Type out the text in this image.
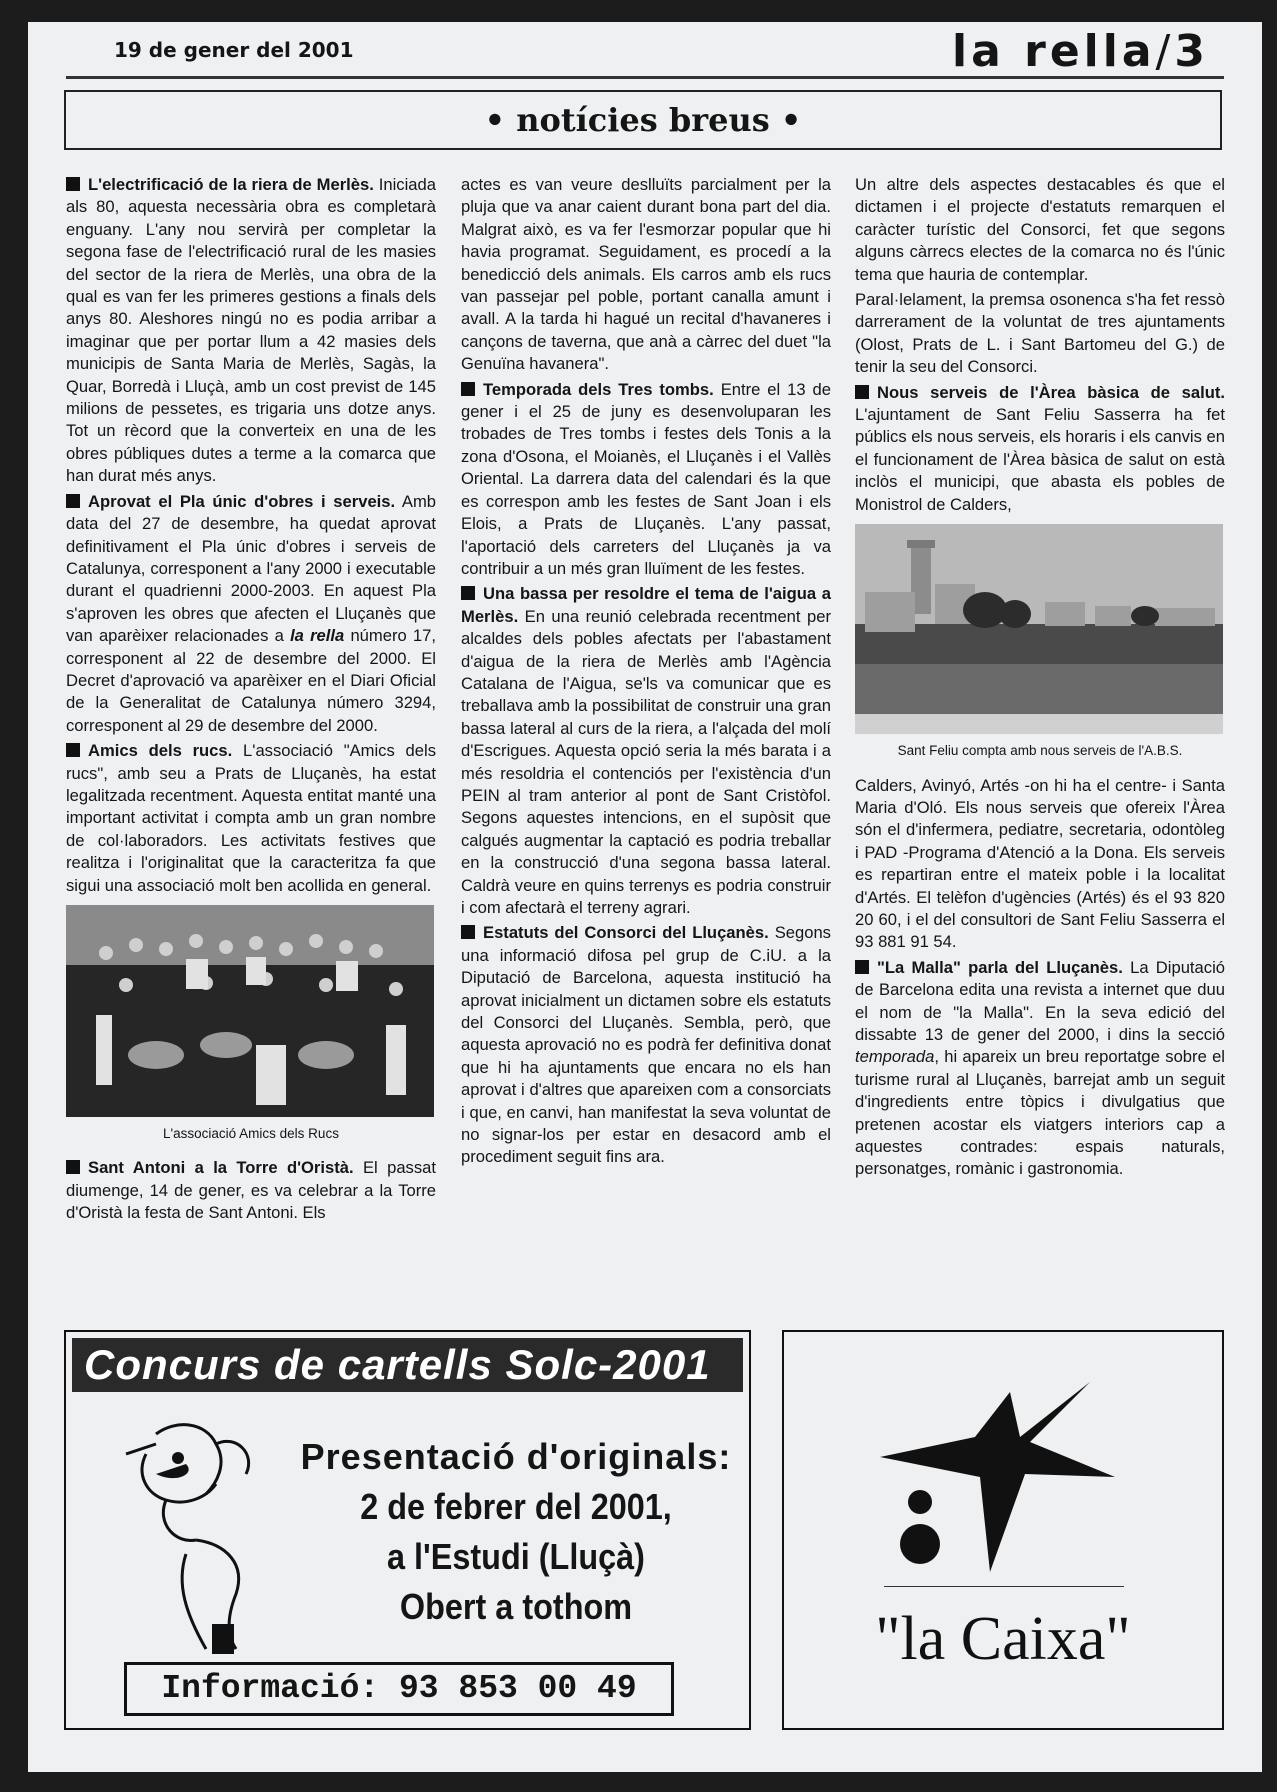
19 de gener del 2001	la rella/3
• notícies breus •

L'electrificació de la riera de Merlès. Iniciada als 80, aquesta necessària obra es completarà enguany. L'any nou servirà per completar la segona fase de l'electrificació rural de les masies del sector de la riera de Merlès, una obra de la qual es van fer les primeres gestions a finals dels anys 80. Aleshores ningú no es podia arribar a imaginar que per portar llum a 42 masies dels municipis de Santa Maria de Merlès, Sagàs, la Quar, Borredà i Lluçà, amb un cost previst de 145 milions de pessetes, es trigaria uns dotze anys. Tot un rècord que la converteix en una de les obres públiques dutes a terme a la comarca que han durat més anys.

Aprovat el Pla únic d'obres i serveis. Amb data del 27 de desembre, ha quedat aprovat definitivament el Pla únic d'obres i serveis de Catalunya, corresponent a l'any 2000 i executable durant el quadrienni 2000-2003. En aquest Pla s'aproven les obres que afecten el Lluçanès que van aparèixer relacionades a la rella número 17, corresponent al 22 de desembre del 2000. El Decret d'aprovació va aparèixer en el Diari Oficial de la Generalitat de Catalunya número 3294, corresponent al 29 de desembre del 2000.

Amics dels rucs. L'associació "Amics dels rucs", amb seu a Prats de Lluçanès, ha estat legalitzada recentment. Aquesta entitat manté una important activitat i compta amb un gran nombre de col·laboradors. Les activitats festives que realitza i l'originalitat que la caracteritza fa que sigui una associació molt ben acollida en general.

L'associació Amics dels Rucs

Sant Antoni a la Torre d'Oristà. El passat diumenge, 14 de gener, es va celebrar a la Torre d'Oristà la festa de Sant Antoni. Els

actes es van veure deslluïts parcialment per la pluja que va anar caient durant bona part del dia. Malgrat això, es va fer l'esmorzar popular que hi havia programat. Seguidament, es procedí a la benedicció dels animals. Els carros amb els rucs van passejar pel poble, portant canalla amunt i avall. A la tarda hi hagué un recital d'havaneres i cançons de taverna, que anà a càrrec del duet "la Genuïna havanera".

Temporada dels Tres tombs. Entre el 13 de gener i el 25 de juny es desenvoluparan les trobades de Tres tombs i festes dels Tonis a la zona d'Osona, el Moianès, el Lluçanès i el Vallès Oriental. La darrera data del calendari és la que es correspon amb les festes de Sant Joan i els Elois, a Prats de Lluçanès. L'any passat, l'aportació dels carreters del Lluçanès ja va contribuir a un més gran lluïment de les festes.

Una bassa per resoldre el tema de l'aigua a Merlès. En una reunió celebrada recentment per alcaldes dels pobles afectats per l'abastament d'aigua de la riera de Merlès amb l'Agència Catalana de l'Aigua, se'ls va comunicar que es treballava amb la possibilitat de construir una gran bassa lateral al curs de la riera, a l'alçada del molí d'Escrigues. Aquesta opció seria la més barata i a més resoldria el contenciós per l'existència d'un PEIN al tram anterior al pont de Sant Cristòfol. Segons aquestes intencions, en el supòsit que calgués augmentar la captació es podria treballar en la construcció d'una segona bassa lateral. Caldrà veure en quins terrenys es podria construir i com afectarà el terreny agrari.

Estatuts del Consorci del Lluçanès. Segons una informació difosa pel grup de C.iU. a la Diputació de Barcelona, aquesta institució ha aprovat inicialment un dictamen sobre els estatuts del Consorci del Lluçanès. Sembla, però, que aquesta aprovació no es podrà fer definitiva donat que hi ha ajuntaments que encara no els han aprovat i d'altres que apareixen com a consorciats i que, en canvi, han manifestat la seva voluntat de no signar-los per estar en desacord amb el procediment seguit fins ara.

Un altre dels aspectes destacables és que el dictamen i el projecte d'estatuts remarquen el caràcter turístic del Consorci, fet que segons alguns càrrecs electes de la comarca no és l'únic tema que hauria de contemplar.

Paral·lelament, la premsa osonenca s'ha fet ressò darrerament de la voluntat de tres ajuntaments (Olost, Prats de L. i Sant Bartomeu del G.) de tenir la seu del Consorci.

Nous serveis de l'Àrea bàsica de salut. L'ajuntament de Sant Feliu Sasserra ha fet públics els nous serveis, els horaris i els canvis en el funcionament de l'Àrea bàsica de salut on està inclòs el municipi, que abasta els pobles de Monistrol de Calders,

Sant Feliu compta amb nous serveis de l'A.B.S.

Calders, Avinyó, Artés -on hi ha el centre- i Santa Maria d'Oló. Els nous serveis que ofereix l'Àrea són el d'infermera, pediatre, secretaria, odontòleg i PAD -Programa d'Atenció a la Dona. Els serveis es repartiran entre el mateix poble i la localitat d'Artés. El telèfon d'ugències (Artés) és el 93 820 20 60, i el del consultori de Sant Feliu Sasserra el 93 881 91 54.

"La Malla" parla del Lluçanès. La Diputació de Barcelona edita una revista a internet que duu el nom de "la Malla". En la seva edició del dissabte 13 de gener del 2000, i dins la secció temporada, hi apareix un breu reportatge sobre el turisme rural al Lluçanès, barrejat amb un seguit d'ingredients entre tòpics i divulgatius que pretenen acostar els viatgers interiors cap a aquestes contrades: espais naturals, personatges, romànic i gastronomia.

Concurs de cartells Solc-2001
Presentació d'originals:
2 de febrer del 2001,
a l'Estudi (Lluçà)
Obert a tothom
Informació: 93 853 00 49
"la Caixa"
